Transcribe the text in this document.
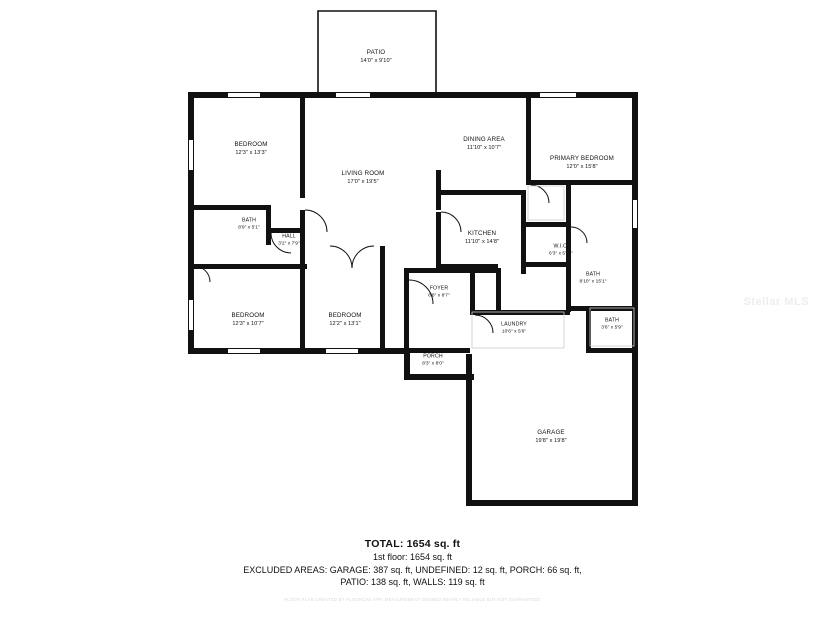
PATIO
14'0" x 9'10"
BEDROOM
12'3" x 13'3"
LIVING ROOM
17'0" x 19'5"
DINING AREA
11'10" x 10'7"
PRIMARY BEDROOM
12'0" x 15'8"
BATH
8'9" x 5'1"
HALL
3'2" x 7'9"
KITCHEN
11'10" x 14'8"
W.I.C.
6'3" x 5'11"
BATH
8'10" x 15'1"
FOYER
6'8" x 8'7"
BEDROOM
12'3" x 10'7"
BEDROOM
12'2" x 13'1"	LAUNDRY
10'6" x 5'6"
BATH
3'6" x 5'9"
PORCH
8'3" x 8'0"
GARAGE
19'8" x 19'8"
TOTAL: 1654 sq. ft
1st floor: 1654 sq. ft
EXCLUDED AREAS: GARAGE: 387 sq. ft, UNDEFINED: 12 sq. ft, PORCH: 66 sq. ft,
PATIO: 138 sq. ft, WALLS: 119 sq. ft
FLOOR PLAN CREATED BY FLOORCAD APP. MEASUREMENT DEEMED NEARLY RELIABLE BUT NOT GUARANTEED
Stellar MLS
